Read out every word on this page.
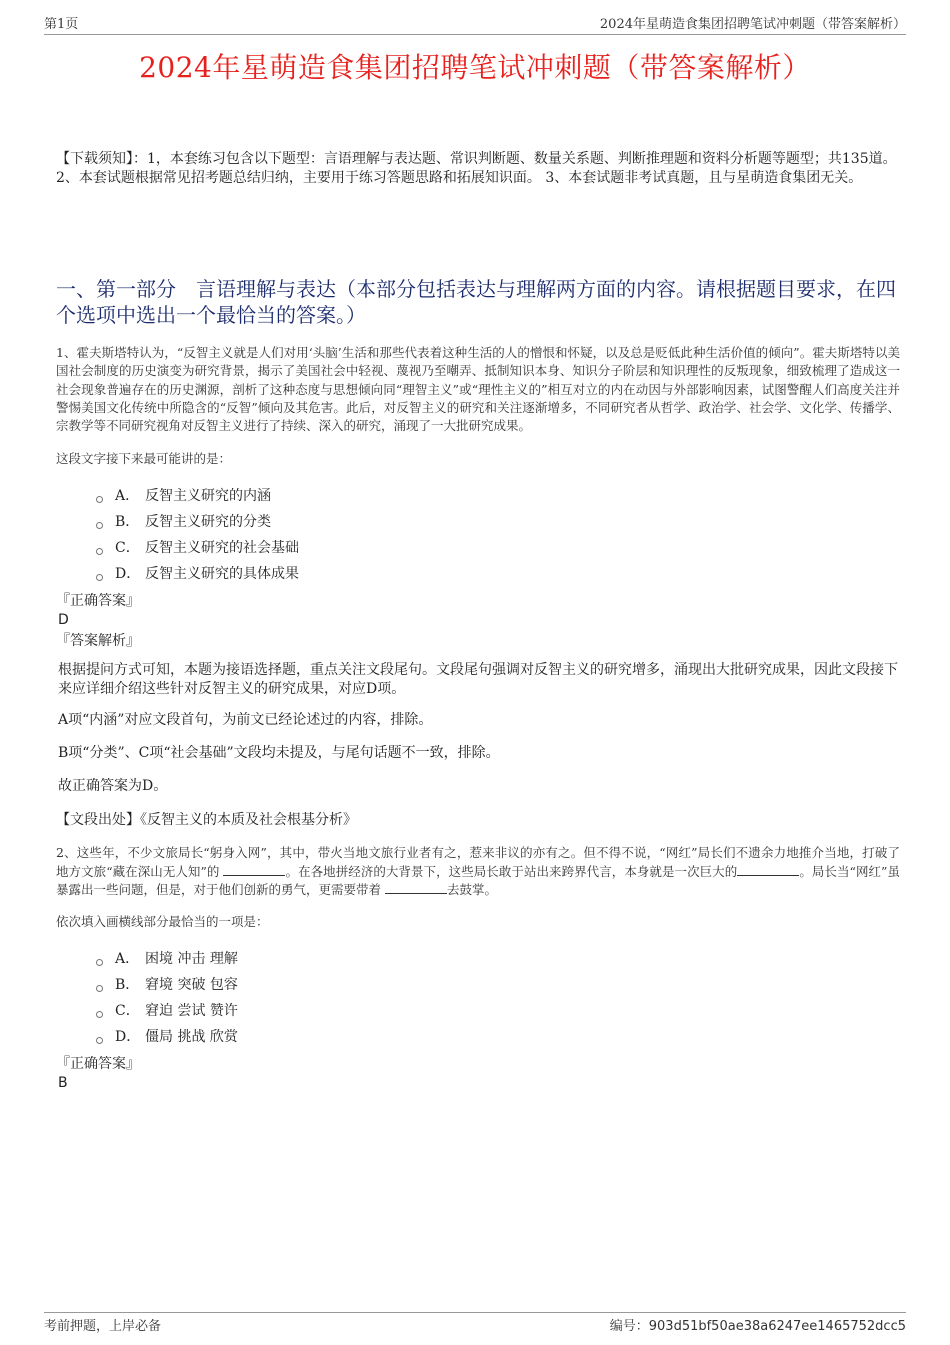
第1页	2024年星萌造食集团招聘笔试冲刺题（带答案解析）
2024年星萌造食集团招聘笔试冲刺题（带答案解析）
【下载须知】：1，本套练习包含以下题型：言语理解与表达题、常识判断题、数量关系题、判断推理题和资料分析题等题型；共135道。 2、本套试题根据常见招考题总结归纳，主要用于练习答题思路和拓展知识面。 3、本套试题非考试真题，且与星萌造食集团无关。
一、第一部分　言语理解与表达（本部分包括表达与理解两方面的内容。请根据题目要求，在四个选项中选出一个最恰当的答案。）

1、霍夫斯塔特认为，“反智主义就是人们对用‘头脑’生活和那些代表着这种生活的人的憎恨和怀疑，以及总是贬低此种生活价值的倾向”。霍夫斯塔特以美国社会制度的历史演变为研究背景，揭示了美国社会中轻视、蔑视乃至嘲弄、抵制知识本身、知识分子阶层和知识理性的反叛现象，细致梳理了造成这一社会现象普遍存在的历史渊源，剖析了这种态度与思想倾向同“理智主义”或“理性主义的”相互对立的内在动因与外部影响因素，试图警醒人们高度关注并警惕美国文化传统中所隐含的“反智”倾向及其危害。此后，对反智主义的研究和关注逐渐增多，不同研究者从哲学、政治学、社会学、文化学、传播学、宗教学等不同研究视角对反智主义进行了持续、深入的研究，涌现了一大批研究成果。

这段文字接下来最可能讲的是：

A． 反智主义研究的内涵
B． 反智主义研究的分类
C． 反智主义研究的社会基础
D． 反智主义研究的具体成果

『正确答案』

D

『答案解析』

根据提问方式可知，本题为接语选择题，重点关注文段尾句。文段尾句强调对反智主义的研究增多，涌现出大批研究成果，因此文段接下来应详细介绍这些针对反智主义的研究成果，对应D项。

A项“内涵”对应文段首句，为前文已经论述过的内容，排除。

B项“分类”、C项“社会基础”文段均未提及，与尾句话题不一致，排除。

故正确答案为D。

【文段出处】《反智主义的本质及社会根基分析》

2、这些年，不少文旅局长“躬身入网”，其中，带火当地文旅行业者有之，惹来非议的亦有之。但不得不说，“网红”局长们不遗余力地推介当地，打破了地方文旅“藏在深山无人知”的	。在各地拼经济的大背景下，这些局长敢于站出来跨界代言，本身就是一次巨大的	。局长当“网红”虽暴露出一些问题，但是，对于他们创新的勇气，更需要带着	去鼓掌。

依次填入画横线部分最恰当的一项是：

A． 困境 冲击 理解
B． 窘境 突破 包容
C． 窘迫 尝试 赞许
D． 僵局 挑战 欣赏

『正确答案』

B

考前押题，上岸必备	编号：903d51bf50ae38a6247ee1465752dcc5
